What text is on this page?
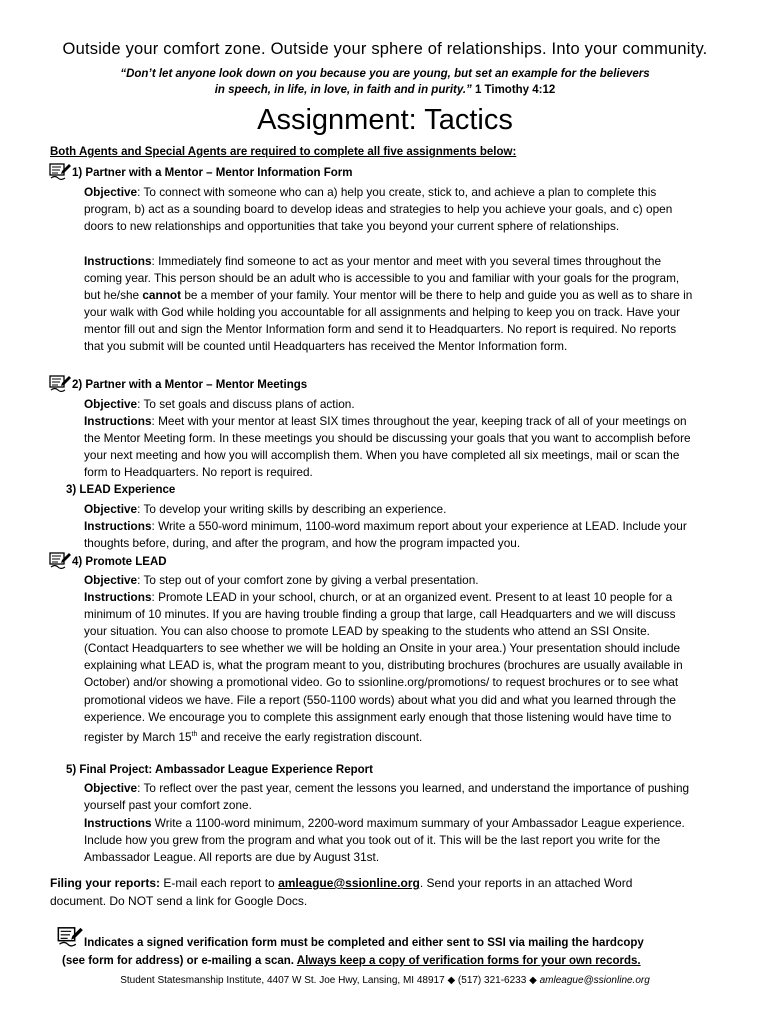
Outside your comfort zone. Outside your sphere of relationships. Into your community.
“Don’t let anyone look down on you because you are young, but set an example for the believers
in speech, in life, in love, in faith and in purity.” 1 Timothy 4:12
Assignment: Tactics
Both Agents and Special Agents are required to complete all five assignments below:
1) Partner with a Mentor – Mentor Information Form
Objective: To connect with someone who can a) help you create, stick to, and achieve a plan to complete this program, b) act as a sounding board to develop ideas and strategies to help you achieve your goals, and c) open doors to new relationships and opportunities that take you beyond your current sphere of relationships.
Instructions: Immediately find someone to act as your mentor and meet with you several times throughout the coming year. This person should be an adult who is accessible to you and familiar with your goals for the program, but he/she cannot be a member of your family. Your mentor will be there to help and guide you as well as to share in your walk with God while holding you accountable for all assignments and helping to keep you on track. Have your mentor fill out and sign the Mentor Information form and send it to Headquarters. No report is required. No reports that you submit will be counted until Headquarters has received the Mentor Information form.
2) Partner with a Mentor – Mentor Meetings
Objective: To set goals and discuss plans of action.
Instructions: Meet with your mentor at least SIX times throughout the year, keeping track of all of your meetings on the Mentor Meeting form. In these meetings you should be discussing your goals that you want to accomplish before your next meeting and how you will accomplish them. When you have completed all six meetings, mail or scan the form to Headquarters. No report is required.
3) LEAD Experience
Objective: To develop your writing skills by describing an experience.
Instructions: Write a 550-word minimum, 1100-word maximum report about your experience at LEAD. Include your thoughts before, during, and after the program, and how the program impacted you.
4) Promote LEAD
Objective: To step out of your comfort zone by giving a verbal presentation.
Instructions: Promote LEAD in your school, church, or at an organized event. Present to at least 10 people for a minimum of 10 minutes. If you are having trouble finding a group that large, call Headquarters and we will discuss your situation. You can also choose to promote LEAD by speaking to the students who attend an SSI Onsite. (Contact Headquarters to see whether we will be holding an Onsite in your area.) Your presentation should include explaining what LEAD is, what the program meant to you, distributing brochures (brochures are usually available in October) and/or showing a promotional video. Go to ssionline.org/promotions/ to request brochures or to see what promotional videos we have. File a report (550-1100 words) about what you did and what you learned through the experience. We encourage you to complete this assignment early enough that those listening would have time to register by March 15th and receive the early registration discount.
5) Final Project: Ambassador League Experience Report
Objective: To reflect over the past year, cement the lessons you learned, and understand the importance of pushing yourself past your comfort zone.
Instructions Write a 1100-word minimum, 2200-word maximum summary of your Ambassador League experience. Include how you grew from the program and what you took out of it. This will be the last report you write for the Ambassador League. All reports are due by August 31st.
Filing your reports: E-mail each report to amleague@ssionline.org. Send your reports in an attached Word document. Do NOT send a link for Google Docs.
Indicates a signed verification form must be completed and either sent to SSI via mailing the hardcopy
(see form for address) or e-mailing a scan. Always keep a copy of verification forms for your own records.
Student Statesmanship Institute, 4407 W St. Joe Hwy, Lansing, MI 48917 ◆ (517) 321-6233 ◆ amleague@ssionline.org
